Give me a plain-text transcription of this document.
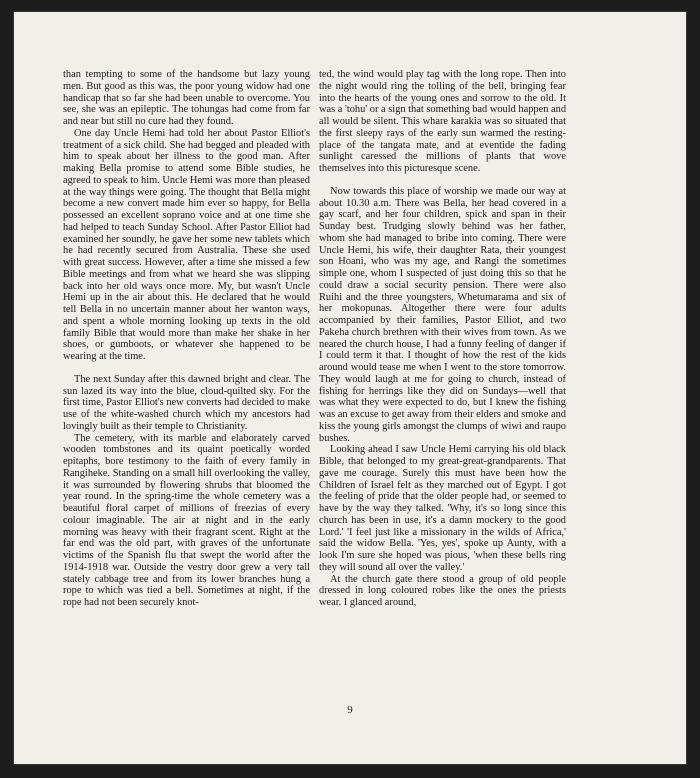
than tempting to some of the handsome but lazy young men. But good as this was, the poor young widow had one handicap that so far she had been unable to overcome. You see, she was an epileptic. The tohungas had come from far and near but still no cure had they found.

One day Uncle Hemi had told her about Pastor Elliot's treatment of a sick child. She had begged and pleaded with him to speak about her illness to the good man. After making Bella promise to attend some Bible studies, he agreed to speak to him. Uncle Hemi was more than pleased at the way things were going. The thought that Bella might become a new convert made him ever so happy, for Bella possessed an excellent soprano voice and at one time she had helped to teach Sunday School. After Pastor Elliot had examined her soundly, he gave her some new tablets which he had recently secured from Australia. These she used with great success. However, after a time she missed a few Bible meetings and from what we heard she was slipping back into her old ways once more. My, but wasn't Uncle Hemi up in the air about this. He declared that he would tell Bella in no uncertain manner about her wanton ways, and spent a whole morning looking up texts in the old family Bible that would more than make her shake in her shoes, or gumboots, or whatever she happened to be wearing at the time.

The next Sunday after this dawned bright and clear. The sun lazed its way into the blue, cloud-quilted sky. For the first time, Pastor Elliot's new converts had decided to make use of the white-washed church which my ancestors had lovingly built as their temple to Christianity.

The cemetery, with its marble and elaborately carved wooden tombstones and its quaint poetically worded epitaphs, bore testimony to the faith of every family in Rangiheke. Standing on a small hill overlooking the valley, it was surrounded by flowering shrubs that bloomed the year round. In the spring-time the whole cemetery was a beautiful floral carpet of millions of freezias of every colour imaginable. The air at night and in the early morning was heavy with their fragrant scent. Right at the far end was the old part, with graves of the unfortunate victims of the Spanish flu that swept the world after the 1914-1918 war. Outside the vestry door grew a very tall stately cabbage tree and from its lower branches hung a rope to which was tied a bell. Sometimes at night, if the rope had not been securely knot-

ted, the wind would play tag with the long rope. Then into the night would ring the tolling of the bell, bringing fear into the hearts of the young ones and sorrow to the old. It was a 'tohu' or a sign that something bad would happen and all would be silent. This whare karakia was so situated that the first sleepy rays of the early sun warmed the resting-place of the tangata mate, and at eventide the fading sunlight caressed the millions of plants that wove themselves into this picturesque scene.

Now towards this place of worship we made our way at about 10.30 a.m. There was Bella, her head covered in a gay scarf, and her four children, spick and span in their Sunday best. Trudging slowly behind was her father, whom she had managed to bribe into coming. There were Uncle Hemi, his wife, their daughter Rata, their youngest son Hoani, who was my age, and Rangi the sometimes simple one, whom I suspected of just doing this so that he could draw a social security pension. There were also Ruihi and the three youngsters, Whetumarama and six of her mokopunas. Altogether there were four adults accompanied by their families, Pastor Elliot, and two Pakeha church brethren with their wives from town. As we neared the church house, I had a funny feeling of danger if I could term it that. I thought of how the rest of the kids around would tease me when I went to the store tomorrow. They would laugh at me for going to church, instead of fishing for herrings like they did on Sundays—well that was what they were expected to do, but I knew the fishing was an excuse to get away from their elders and smoke and kiss the young girls amongst the clumps of wiwi and raupo bushes.

Looking ahead I saw Uncle Hemi carrying his old black Bible, that belonged to my great-great-grandparents. That gave me courage. Surely this must have been how the Children of Israel felt as they marched out of Egypt. I got the feeling of pride that the older people had, or seemed to have by the way they talked. 'Why, it's so long since this church has been in use, it's a damn mockery to the good Lord.' 'I feel just like a missionary in the wilds of Africa,' said the widow Bella. 'Yes, yes', spoke up Aunty, with a look I'm sure she hoped was pious, 'when these bells ring they will sound all over the valley.'

At the church gate there stood a group of old people dressed in long coloured robes like the ones the priests wear. I glanced around,

9
